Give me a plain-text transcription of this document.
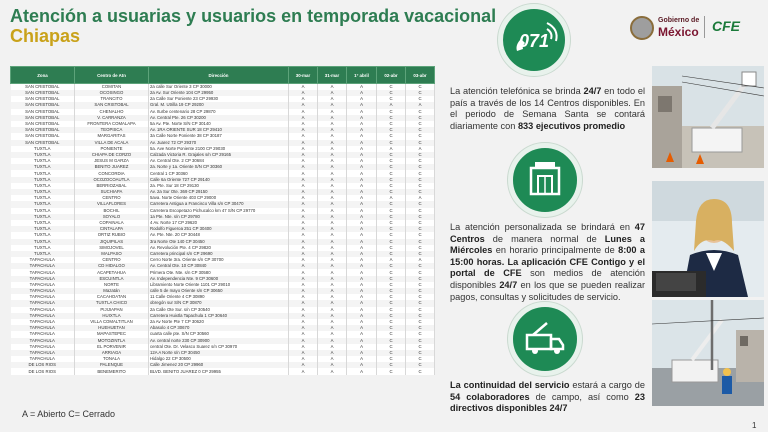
Atención a usuarias y usuarios en temporada vacacional
Chiapas	071
Gobierno de
México CFE
Zona	Centro de Atn	Dirección	30-mar	31-mar	1° abril	02-abr	03-abr
SAN CRISTOBAL	COMITAN	2a calle Sur Oriente 3 CP 30000	A	A	A	C	C
SAN CRISTOBAL	OCOSINGO	2a Av. Sur Oriente 104 CP 29950	A	A	A	C	C
SAN CRISTOBAL	TRANCITO	2a Calle Sur Poniente 23 CP 29930	A	A	A	C	C
SAN CRISTOBAL	SAN CRISTOBAL	Gral. M. Utrilla 19 CP 29200	A	A	A	A	A
SAN CRISTOBAL	CHENALHO	Av. Iturbe centenario 28 CP 29870	A	A	A	C	C
SAN CRISTOBAL	V. CARRANZA	Av. Central Pte. 26 CP 30200	A	A	A	C	C
SAN CRISTOBAL	FRONTERA COMALAPA	5a Av. Pte. Norte S/N CP 30140	A	A	A	C	C
SAN CRISTOBAL	TEOPISCA	Av. 1RA ORIENTE SUR 18 CP 29410	A	A	A	C	C
SAN CRISTOBAL	MARGARITAS	3a Calle Norte Poniente 38 CP 30187	A	A	A	C	C
SAN CRISTOBAL	VILLA DE ACALA	Av. Juarez 72 CP 29370	A	A	A	C	C
TUXTLA	PONIENTE	5a. Ave Norte Poniente 2100 CP 29030	A	A	A	A	A
TUXTLA	CHIAPA DE CORZO	Calzada Victoria R. Grajales s/n CP 29165	A	A	A	C	C
TUXTLA	JESUS M GARZA	Av. Central Ote. 2 CP 30684	A	A	A	C	C
TUXTLA	BENITO JUAREZ	2a. Norte y 1a. Oriente S/N CP 30360	A	A	A	C	C
TUXTLA	CONCORDIA	Central 1 CP 30360	A	A	A	C	C
TUXTLA	OCOZOCOAUTLA	Calle 6a Oriente 727 CP 29140	A	A	A	C	C
TUXTLA	BERRIOZABAL	2a. Pte. Sur 18 CP 29130	A	A	A	C	C
TUXTLA	SUCHIAPA	Av. 2a Sur Ote. 369 CP 29150	A	A	A	C	C
TUXTLA	CENTRO	5ava. Norte Oriente 403 CP 29000	A	A	A	A	A
TUXTLA	VILLAFLORES	Carretera Antigua a Francisco Villa s/n CP 30470	A	A	A	C	C
TUXTLA	BOCHIL	Carretera Escopetazo Pichucalco km 47 S/N CP 29770	A	A	A	C	C
TUXTLA	SOYALO	1a Pte. Nte. s/n CP 29780	A	A	A	C	C
TUXTLA	COPAINALA	4 Av. Norte 17 CP 29620	A	A	A	C	C
TUXTLA	CINTALAPA	Rodolfo Figueroa 251 CP 30400	A	A	A	C	C
TUXTLA	ORTIZ RUBIO	Av. Pte. Nte. 20 CP 30448	A	A	A	C	C
TUXTLA	JIQUIPILAS	3ra Norte Ote 140 CP 30450	A	A	A	C	C
TUXTLA	SIMOJOVEL	Av. Revolución Pte. 4 CP 29820	A	A	A	C	C
TUXTLA	MALPASO	Carretera principal s/n CP 29690	A	A	A	C	C
TAPACHULA	CENTRO	Cerro Norte 3ra. Oriente s/n CP 30700	A	A	A	A	A
TAPACHULA	CD HIDALGO	Av. Central Ote. 10 CP 30840	A	A	A	C	C
TAPACHULA	ACAPETAHUA	Primera Ote. Nte. s/n CP 30580	A	A	A	C	C
TAPACHULA	ESCUINTLA	Av. Independencia Nte. 9 CP 30600	A	A	A	C	C
TAPACHULA	NORTE	Libramiento Norte Oriente 1101 CP 29010	A	A	A	C	C
TAPACHULA	Mazatán	calle 5 de mayo Oriente s/n CP 30650	A	A	A	C	C
TAPACHULA	CACAHOATAN	11 Calle Oriente 4 CP 30890	A	A	A	C	C
TAPACHULA	TUXTLA CHICO	obregón sur S/N CP 30870	A	A	A	C	C
TAPACHULA	PIJIJIAPAN	2a Calle Ote Sur. s/n CP 30540	A	A	A	C	C
TAPACHULA	HUIXTLA	Carretera Huixtla Tapachula 1 CP 30640	A	A	A	C	C
TAPACHULA	VILLA COMALTITLAN	2a Av Norte Pte 7 CP 30620	A	A	A	C	C
TAPACHULA	HUEHUETAN	Abasolo 4 CP 30670	A	A	A	C	C
TAPACHULA	MAPASTEPEC	cuarta calle pte. S/N CP 30560	A	A	A	C	C
TAPACHULA	MOTOZINTLA	Av. central norte 230 CP 30900	A	A	A	C	C
TAPACHULA	EL PORVENIR	central Ote. Dr. Velasco Suarez s/n CP 30970	A	A	A	C	C
TAPACHULA	ARRIAGA	12A A Norte s/n CP 30450	A	A	A	C	C
TAPACHULA	TONALA	Hidalgo 22 CP 30500	A	A	A	C	C
DE LOS RIOS	PALENQUE	Calle Jimenez 20 CP 29960	A	A	A	C	C
DE LOS RIOS	BENEMERITO	BLVD. BENITO JUAREZ 0 CP 29955	A	A	A	C	C
La atención telefónica se brinda 24/7 en todo el país a través de los 14 Centros disponibles. En el periodo de Semana Santa se contará diariamente con 833 ejecutivos promedio
La atención personalizada se brindará en 47 Centros de manera normal de Lunes a Miércoles en horario principalmente de 8:00 a 15:00 horas. La aplicación CFE Contigo y el portal de CFE son medios de atención disponibles 24/7 en los que se pueden realizar pagos, consultas y solicitudes de servicio.
La continuidad del servicio estará a cargo de 54 colaboradores de campo, así como 23 directivos disponibles 24/7
A = Abierto C= Cerrado
1
